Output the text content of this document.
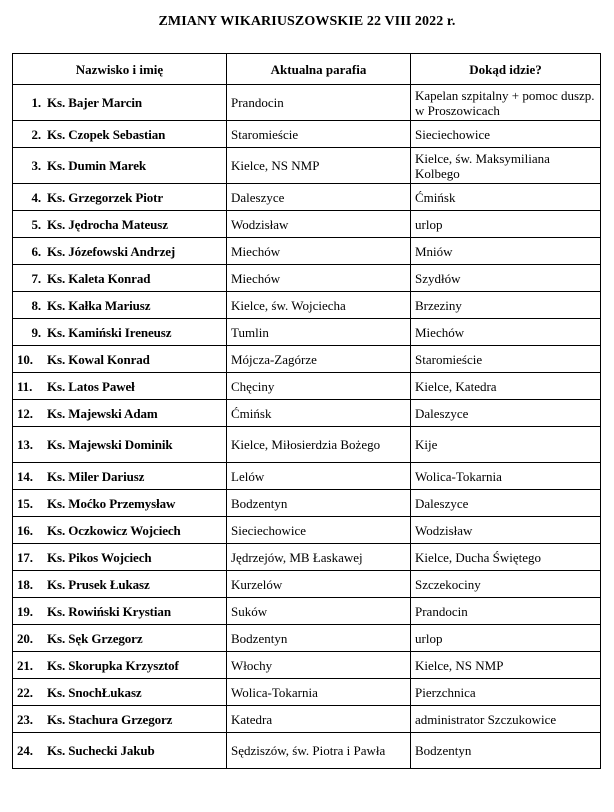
ZMIANY WIKARIUSZOWSKIE 22 VIII 2022 r.
Nazwisko i imię	Aktualna parafia	Dokąd idzie?
1. Ks. Bajer Marcin	Prandocin	Kapelan szpitalny + pomoc duszp. w Proszowicach
2. Ks. Czopek Sebastian	Staromieście	Sieciechowice
3. Ks. Dumin Marek	Kielce, NS NMP	Kielce, św. Maksymiliana Kolbego
4. Ks. Grzegorzek Piotr	Daleszyce	Ćmińsk
5. Ks. Jędrocha Mateusz	Wodzisław	urlop
6. Ks. Józefowski Andrzej	Miechów	Mniów
7. Ks. Kaleta Konrad	Miechów	Szydłów
8. Ks. Kałka Mariusz	Kielce, św. Wojciecha	Brzeziny
9. Ks. Kamiński Ireneusz	Tumlin	Miechów
10. Ks. Kowal Konrad	Mójcza-Zagórze	Staromieście
11. Ks. Latos Paweł	Chęciny	Kielce, Katedra
12. Ks. Majewski Adam	Ćmińsk	Daleszyce
13. Ks. Majewski Dominik	Kielce, Miłosierdzia Bożego	Kije
14. Ks. Miler Dariusz	Lelów	Wolica-Tokarnia
15. Ks. Moćko Przemysław	Bodzentyn	Daleszyce
16. Ks. Oczkowicz Wojciech	Sieciechowice	Wodzisław
17. Ks. Pikos Wojciech	Jędrzejów, MB Łaskawej	Kielce, Ducha Świętego
18. Ks. Prusek Łukasz	Kurzelów	Szczekociny
19. Ks. Rowiński Krystian	Suków	Prandocin
20. Ks. Sęk Grzegorz	Bodzentyn	urlop
21. Ks. Skorupka Krzysztof	Włochy	Kielce, NS NMP
22. Ks. SnochŁukasz	Wolica-Tokarnia	Pierzchnica
23. Ks. Stachura Grzegorz	Katedra	administrator Szczukowice
24. Ks. Suchecki Jakub	Sędziszów, św. Piotra i Pawła	Bodzentyn
